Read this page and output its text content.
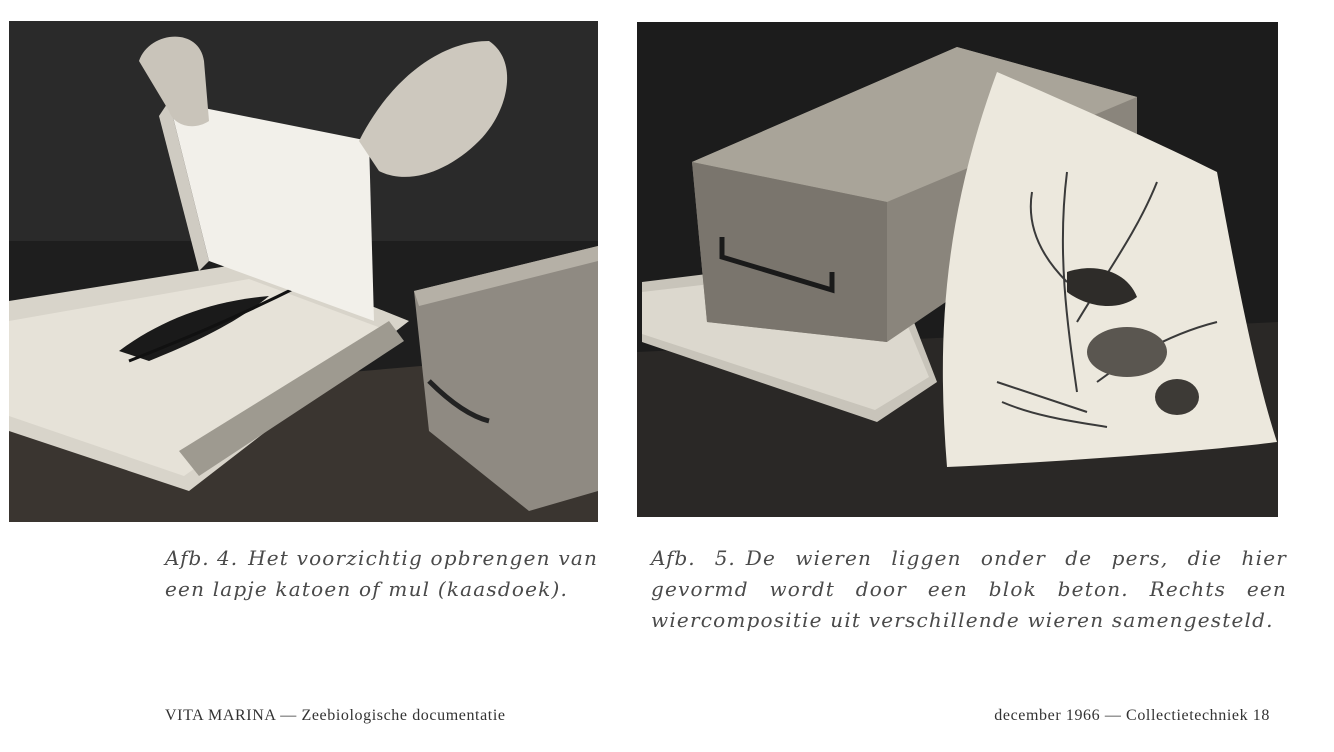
Afb. 4. Het voorzichtig opbrengen van een lapje katoen of mul (kaasdoek).

Afb. 5. De wieren liggen onder de pers, die hier gevormd wordt door een blok beton. Rechts een wiercompositie uit verschillende wieren samengesteld.

VITA MARINA — Zeebiologische documentatie	december 1966 — Collectietechniek 18
